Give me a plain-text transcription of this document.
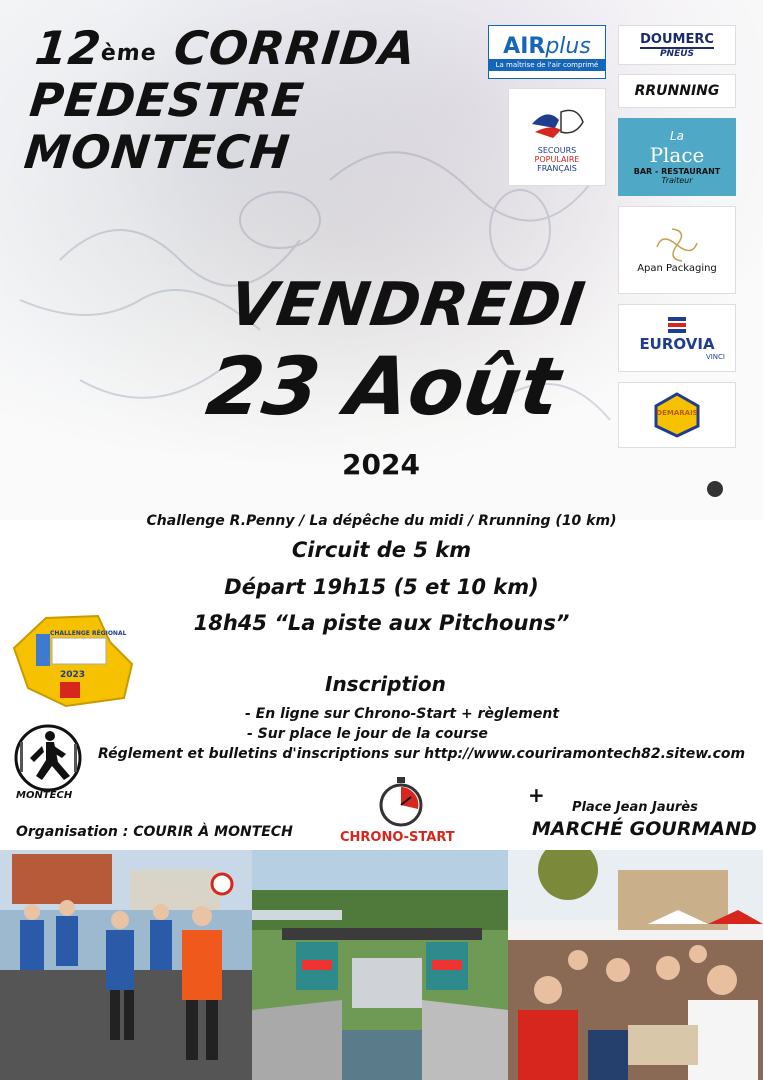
12ème CORRIDA
PEDESTRE
MONTECH
VENDREDI
23 Août
2024
AIRplus
La maîtrise de l'air comprimé
DOUMERC
PNEUS
RRUNNING
SECOURS
POPULAIRE
FRANÇAIS
La
Place
BAR - RESTAURANT
Traiteur
Apan Packaging
EUROVIA
VINCI
DEMARAIS
Challenge R.Penny / La dépêche du midi / Rrunning (10 km)
Circuit de 5 km
Départ 19h15 (5 et 10 km)
18h45 “La piste aux Pitchouns”
CHALLENGE RÉGIONAL
2023	Inscription
- En ligne sur Chrono-Start + règlement
- Sur place le jour de la course
Réglement et bulletins d'inscriptions sur http://www.couriramontech82.sitew.com
MONTECH
CHRONO-START
Organisation : COURIR À MONTECH
+
Place Jean Jaurès
MARCHÉ GOURMAND
